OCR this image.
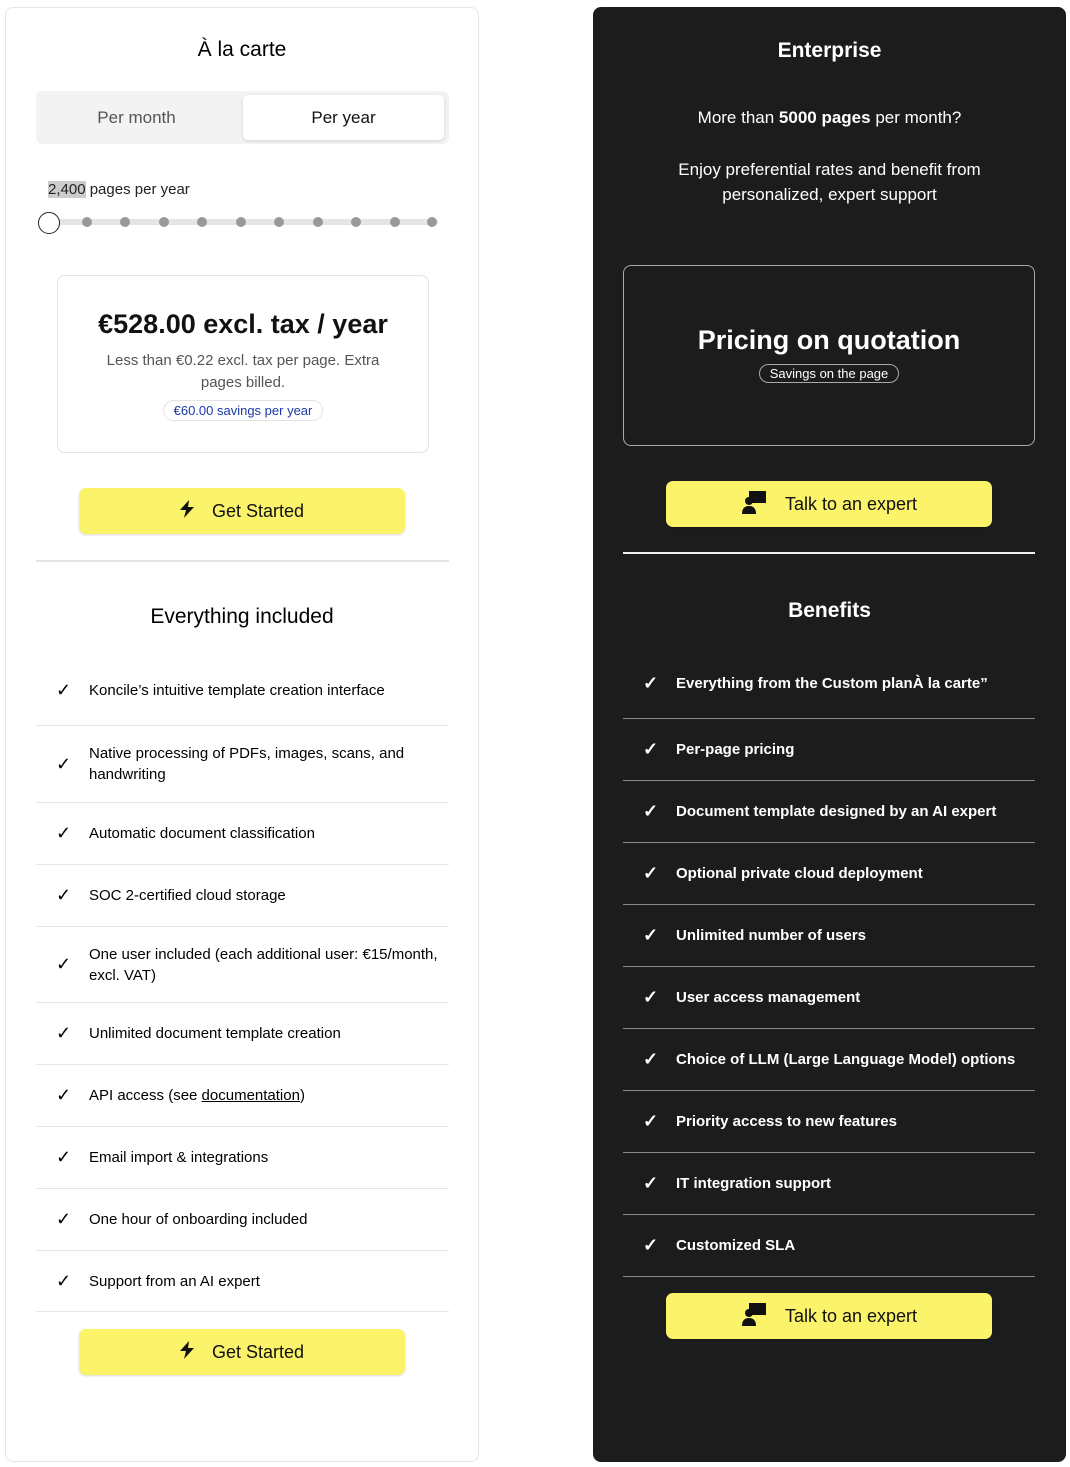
À la carte
Per month	Per year
2,400 pages per year
€528.00 excl. tax / year
Less than €0.22 excl. tax per page. Extra pages billed.
€60.00 savings per year
Get Started
Everything included
✓	Koncile’s intuitive template creation interface
✓	Native processing of PDFs, images, scans, and handwriting
✓	Automatic document classification
✓	SOC 2-certified cloud storage
✓	One user included (each additional user: €15/month, excl. VAT)
✓	Unlimited document template creation
✓	API access (see documentation )
✓	Email import & integrations
✓	One hour of onboarding included
✓	Support from an AI expert
Get Started
Enterprise
More than 5000 pages per month?
Enjoy preferential rates and benefit from personalized, expert support
Pricing on quotation
Savings on the page
Talk to an expert
Benefits
✓	Everything from the Custom planÀ la carte”
✓	Per-page pricing
✓	Document template designed by an AI expert
✓	Optional private cloud deployment
✓	Unlimited number of users
✓	User access management
✓	Choice of LLM (Large Language Model) options
✓	Priority access to new features
✓	IT integration support
✓	Customized SLA
Talk to an expert
